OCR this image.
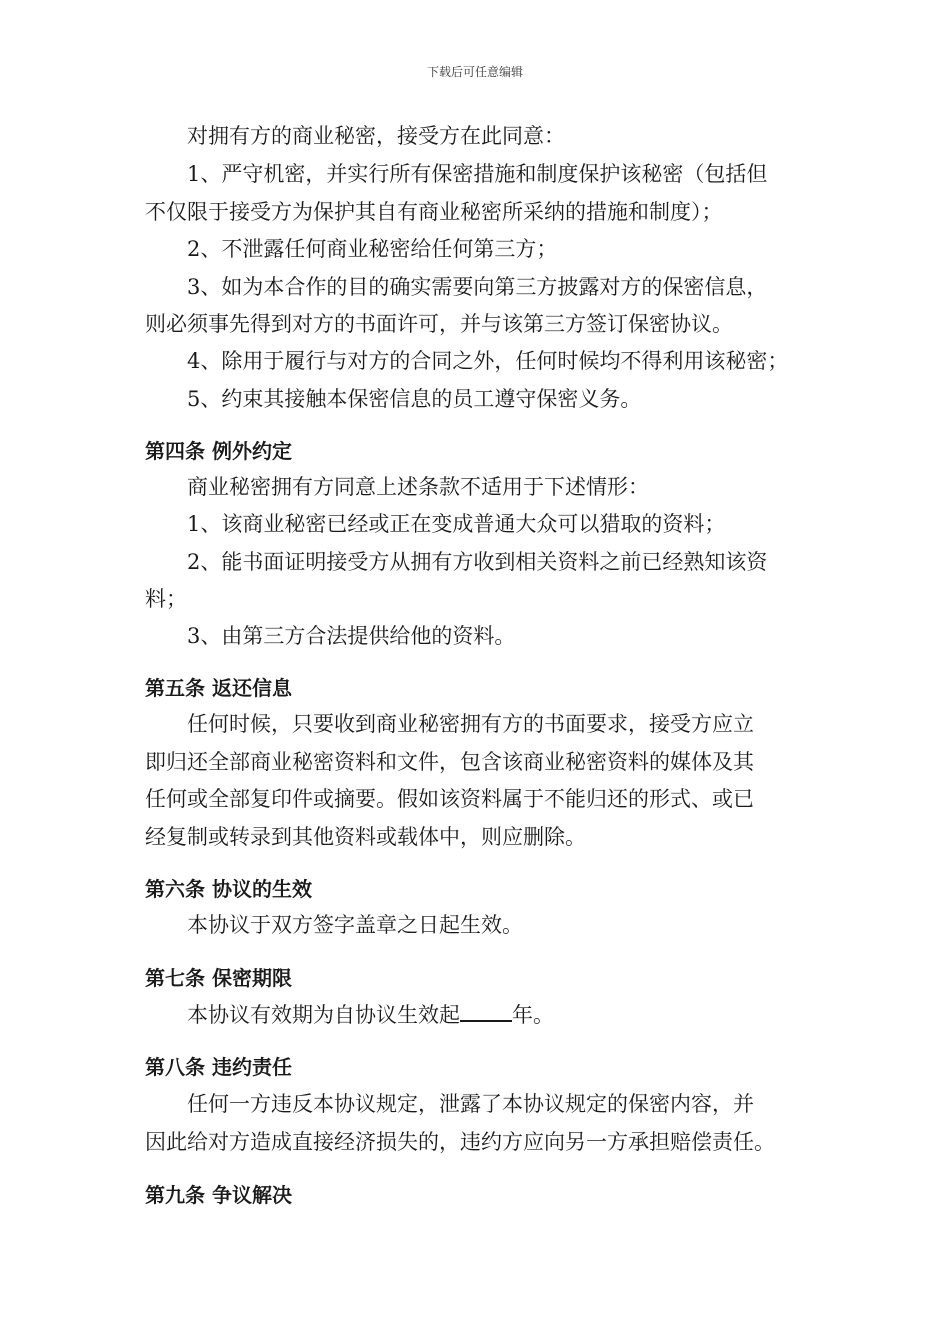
下载后可任意编辑
对拥有方的商业秘密，接受方在此同意：
1、严守机密，并实行所有保密措施和制度保护该秘密（包括但
不仅限于接受方为保护其自有商业秘密所采纳的措施和制度）；
2、不泄露任何商业秘密给任何第三方；
3、如为本合作的目的确实需要向第三方披露对方的保密信息，
则必须事先得到对方的书面许可，并与该第三方签订保密协议。
4、除用于履行与对方的合同之外，任何时候均不得利用该秘密；
5、约束其接触本保密信息的员工遵守保密义务。
第四条 例外约定
商业秘密拥有方同意上述条款不适用于下述情形：
1、该商业秘密已经或正在变成普通大众可以猎取的资料；
2、能书面证明接受方从拥有方收到相关资料之前已经熟知该资
料；
3、由第三方合法提供给他的资料。
第五条 返还信息
任何时候，只要收到商业秘密拥有方的书面要求，接受方应立
即归还全部商业秘密资料和文件，包含该商业秘密资料的媒体及其
任何或全部复印件或摘要。假如该资料属于不能归还的形式、或已
经复制或转录到其他资料或载体中，则应删除。
第六条 协议的生效
本协议于双方签字盖章之日起生效。
第七条 保密期限
本协议有效期为自协议生效起 年。
第八条 违约责任
任何一方违反本协议规定，泄露了本协议规定的保密内容，并
因此给对方造成直接经济损失的，违约方应向另一方承担赔偿责任。
第九条 争议解决
